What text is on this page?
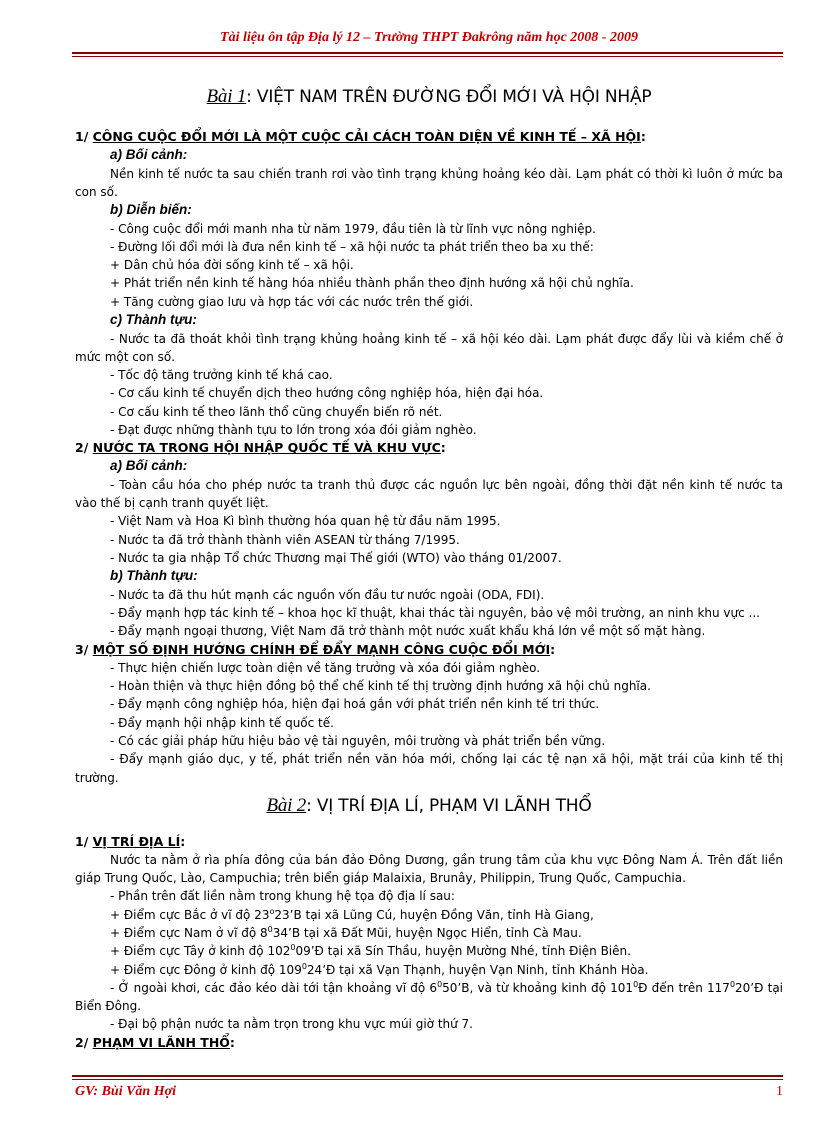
Tài liệu ôn tập Địa lý 12 – Trường THPT Đakrông năm học 2008 - 2009

Bài 1: VIỆT NAM TRÊN ĐƯỜNG ĐỔI MỚI VÀ HỘI NHẬP

1/ CÔNG CUỘC ĐỔI MỚI LÀ MỘT CUỘC CẢI CÁCH TOÀN DIỆN VỀ KINH TẾ – XÃ HỘI:

a) Bối cảnh:

Nền kinh tế nước ta sau chiến tranh rơi vào tình trạng khủng hoảng kéo dài. Lạm phát có thời kì luôn ở mức ba con số.

b) Diễn biến:

- Công cuộc đổi mới manh nha từ năm 1979, đầu tiên là từ lĩnh vực nông nghiệp.

- Đường lối đổi mới là đưa nền kinh tế – xã hội nước ta phát triển theo ba xu thế:

+ Dân chủ hóa đời sống kinh tế – xã hội.

+ Phát triển nền kinh tế hàng hóa nhiều thành phần theo định hướng xã hội chủ nghĩa.

+ Tăng cường giao lưu và hợp tác với các nước trên thế giới.

c) Thành tựu:

- Nước ta đã thoát khỏi tình trạng khủng hoảng kinh tế – xã hội kéo dài. Lạm phát được đẩy lùi và kiềm chế ở mức một con số.

- Tốc độ tăng trưởng kinh tế khá cao.

- Cơ cấu kinh tế chuyển dịch theo hướng công nghiệp hóa, hiện đại hóa.

- Cơ cấu kinh tế theo lãnh thổ cũng chuyển biến rõ nét.

- Đạt được những thành tựu to lớn trong xóa đói giảm nghèo.

2/ NƯỚC TA TRONG HỘI NHẬP QUỐC TẾ VÀ KHU VỰC:

a) Bối cảnh:

- Toàn cầu hóa cho phép nước ta tranh thủ được các nguồn lực bên ngoài, đồng thời đặt nền kinh tế nước ta vào thế bị cạnh tranh quyết liệt.

- Việt Nam và Hoa Kì bình thường hóa quan hệ từ đầu năm 1995.

- Nước ta đã trở thành thành viên ASEAN từ tháng 7/1995.

- Nước ta gia nhập Tổ chức Thương mại Thế giới (WTO) vào tháng 01/2007.

b) Thành tựu:

- Nước ta đã thu hút mạnh các nguồn vốn đầu tư nước ngoài (ODA, FDI).

- Đẩy mạnh hợp tác kinh tế – khoa học kĩ thuật, khai thác tài nguyên, bảo vệ môi trường, an ninh khu vực ...

- Đẩy mạnh ngoại thương, Việt Nam đã trở thành một nước xuất khẩu khá lớn về một số mặt hàng.

3/ MỘT SỐ ĐỊNH HƯỚNG CHÍNH ĐỂ ĐẨY MẠNH CÔNG CUỘC ĐỔI MỚI:

- Thực hiện chiến lược toàn diện về tăng trưởng và xóa đói giảm nghèo.

- Hoàn thiện và thực hiện đồng bộ thể chế kinh tế thị trường định hướng xã hội chủ nghĩa.

- Đẩy mạnh công nghiệp hóa, hiện đại hoá gắn với phát triển nền kinh tế tri thức.

- Đẩy mạnh hội nhập kinh tế quốc tế.

- Có các giải pháp hữu hiệu bảo vệ tài nguyên, môi trường và phát triển bền vững.

- Đẩy mạnh giáo dục, y tế, phát triển nền văn hóa mới, chống lại các tệ nạn xã hội, mặt trái của kinh tế thị trường.

Bài 2: VỊ TRÍ ĐỊA LÍ, PHẠM VI LÃNH THỔ

1/ VỊ TRÍ ĐỊA LÍ:

Nước ta nằm ở rìa phía đông của bán đảo Đông Dương, gần trung tâm của khu vực Đông Nam Á. Trên đất liền giáp Trung Quốc, Lào, Campuchia; trên biển giáp Malaixia, Brunây, Philippin, Trung Quốc, Campuchia.

- Phần trên đất liền nằm trong khung hệ tọa độ địa lí sau:

+ Điểm cực Bắc ở vĩ độ 23$^o$23’B tại xã Lũng Cú, huyện Đồng Văn, tỉnh Hà Giang,

+ Điểm cực Nam ở vĩ độ $8^034’B$ tại xã Đất Mũi, huyện Ngọc Hiển, tỉnh Cà Mau.

+ Điểm cực Tây ở kinh độ $102^009’Đ$ tại xã Sín Thầu, huyện Mường Nhé, tỉnh Điện Biên.

+ Điểm cực Đông ở kinh độ $109^024’Đ$ tại xã Vạn Thạnh, huyện Vạn Ninh, tỉnh Khánh Hòa.

- Ở ngoài khơi, các đảo kéo dài tới tận khoảng vĩ độ $6^050’B$, và từ khoảng kinh độ $101^0Đ$ đến trên $117^020’Đ$ tại Biển Đông.

- Đại bộ phận nước ta nằm trọn trong khu vực múi giờ thứ 7.

2/ PHẠM VI LÃNH THỔ:

GV: Bùi Văn Hợi	1
